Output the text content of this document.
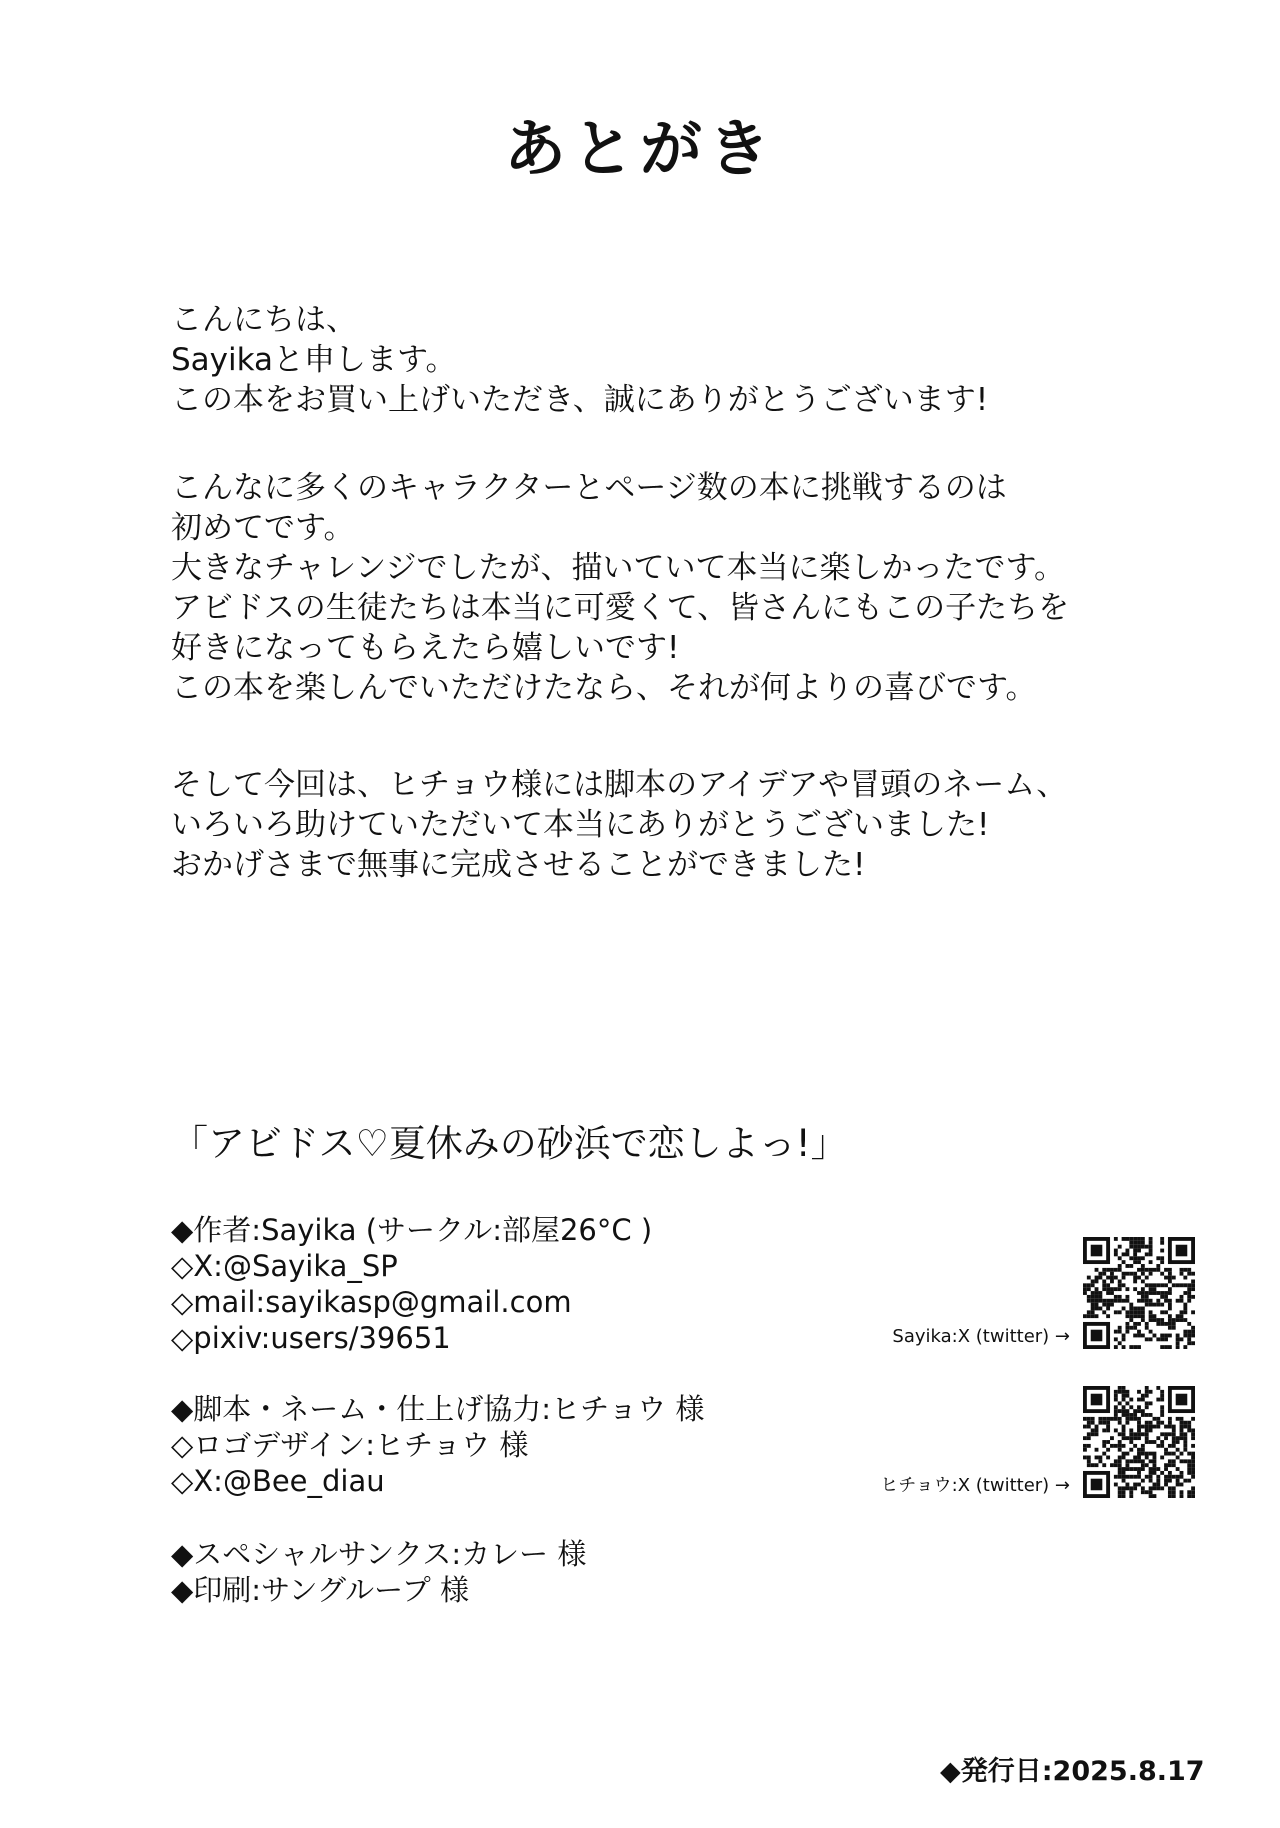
あとがき
こんにちは、
Sayikaと申します。
この本をお買い上げいただき、誠にありがとうございます!
こんなに多くのキャラクターとページ数の本に挑戦するのは
初めてです。
大きなチャレンジでしたが、描いていて本当に楽しかったです。
アビドスの生徒たちは本当に可愛くて、皆さんにもこの子たちを
好きになってもらえたら嬉しいです!
この本を楽しんでいただけたなら、それが何よりの喜びです。
そして今回は、ヒチョウ様には脚本のアイデアや冒頭のネーム、
いろいろ助けていただいて本当にありがとうございました!
おかげさまで無事に完成させることができました!
「アビドス♡夏休みの砂浜で恋しよっ!」
◆作者:Sayika (サークル:部屋26°C )
◇X:@Sayika_SP
◇mail:sayikasp@gmail.com
◇pixiv:users/39651
◆脚本・ネーム・仕上げ協力:ヒチョウ 様
◇ロゴデザイン:ヒチョウ 様
◇X:@Bee_diau
◆スペシャルサンクス:カレー 様
◆印刷:サングループ 様
Sayika:X (twitter) →
ヒチョウ:X (twitter) →
◆発行日:2025.8.17
